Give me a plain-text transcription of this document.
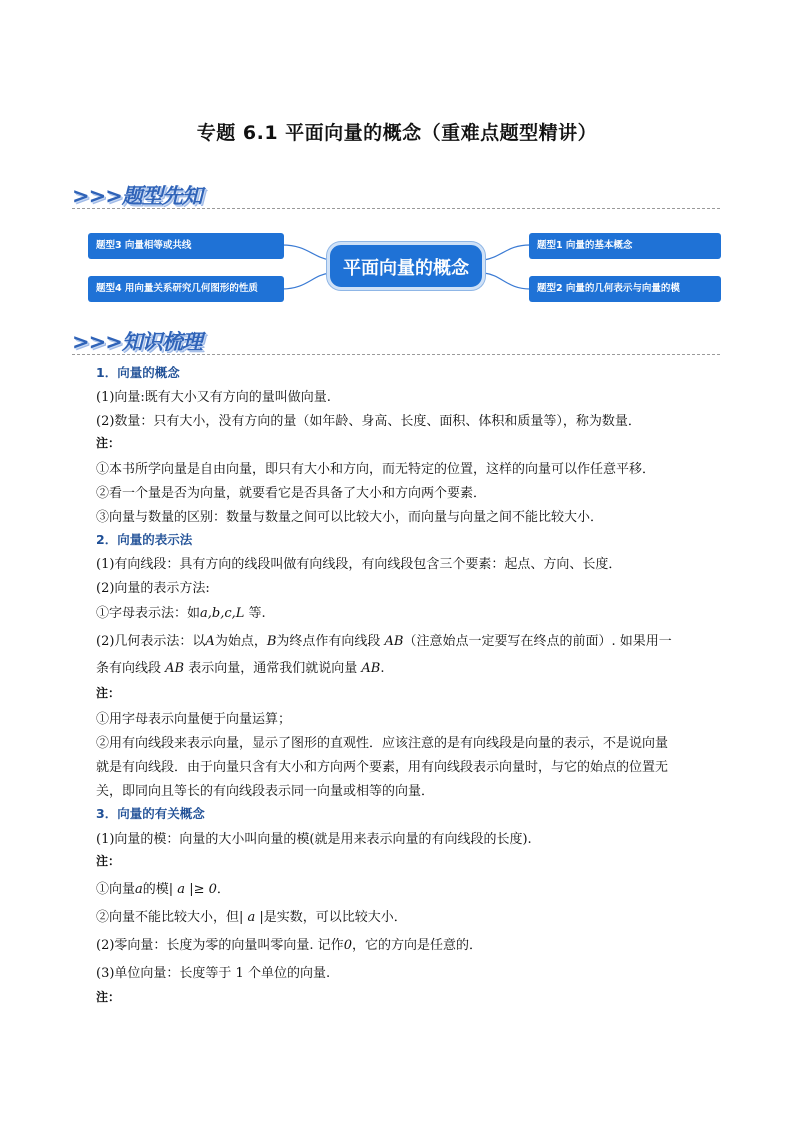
专题 6.1 平面向量的概念（重难点题型精讲）
>>>题型先知
题型3 向量相等或共线
题型4 用向量关系研究几何图形的性质
平面向量的概念
题型1 向量的基本概念
题型2 向量的几何表示与向量的模
>>>知识梳理
1．向量的概念
(1)向量:既有大小又有方向的量叫做向量.
(2)数量：只有大小，没有方向的量（如年龄、身高、长度、面积、体积和质量等），称为数量．
注：
①本书所学向量是自由向量，即只有大小和方向，而无特定的位置，这样的向量可以作任意平移．
②看一个量是否为向量，就要看它是否具备了大小和方向两个要素．
③向量与数量的区别：数量与数量之间可以比较大小，而向量与向量之间不能比较大小．
2．向量的表示法
(1)有向线段：具有方向的线段叫做有向线段，有向线段包含三个要素：起点、方向、长度．
(2)向量的表示方法:
①字母表示法：如a,b,c,L 等.
(2)几何表示法：以A为始点，B为终点作有向线段 AB（注意始点一定要写在终点的前面）. 如果用一
条有向线段 AB 表示向量，通常我们就说向量 AB.
注：
①用字母表示向量便于向量运算；
②用有向线段来表示向量，显示了图形的直观性．应该注意的是有向线段是向量的表示，不是说向量
就是有向线段．由于向量只含有大小和方向两个要素，用有向线段表示向量时，与它的始点的位置无
关，即同向且等长的有向线段表示同一向量或相等的向量．
3．向量的有关概念
(1)向量的模：向量的大小叫向量的模(就是用来表示向量的有向线段的长度).
注：
①向量a的模| a |≥ 0．
②向量不能比较大小，但| a |是实数，可以比较大小．
(2)零向量：长度为零的向量叫零向量. 记作0，它的方向是任意的．
(3)单位向量：长度等于 1 个单位的向量.
注：
